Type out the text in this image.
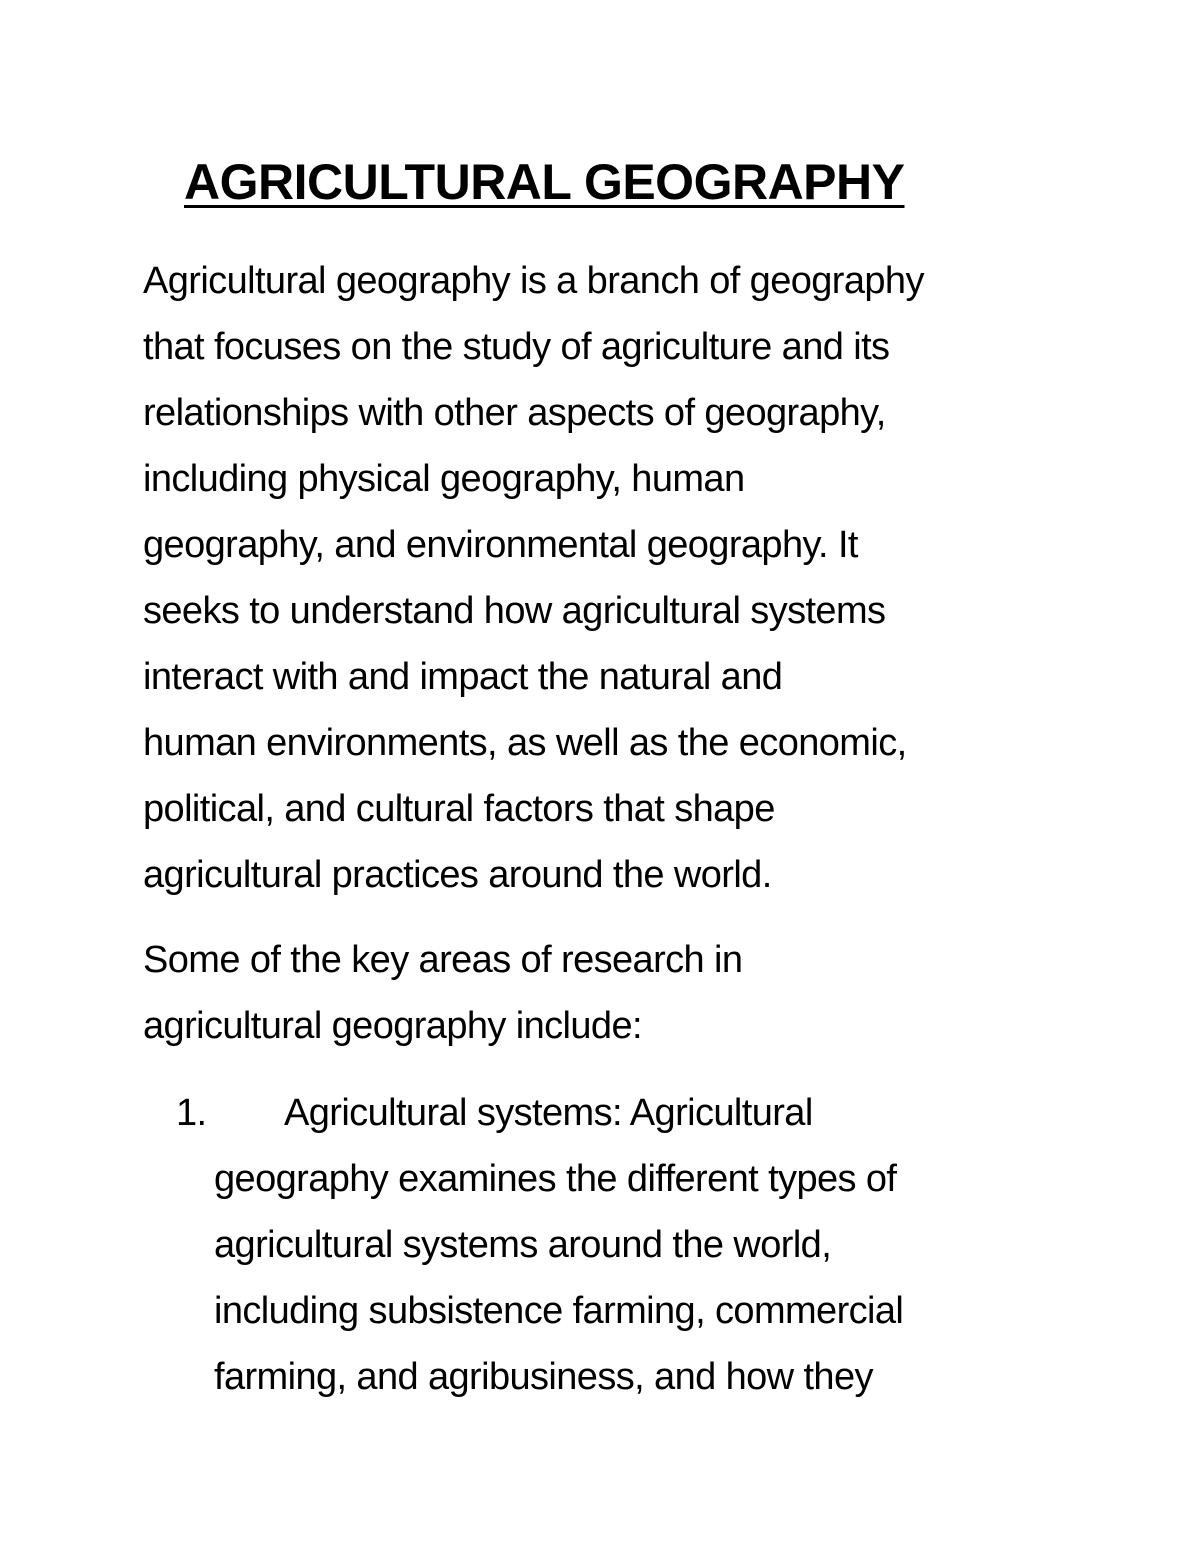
AGRICULTURAL GEOGRAPHY
Agricultural geography is a branch of geography
that focuses on the study of agriculture and its
relationships with other aspects of geography,
including physical geography, human
geography, and environmental geography. It
seeks to understand how agricultural systems
interact with and impact the natural and
human environments, as well as the economic,
political, and cultural factors that shape
agricultural practices around the world.
Some of the key areas of research in
agricultural geography include:
1.	Agricultural systems: Agricultural
geography examines the different types of
agricultural systems around the world,
including subsistence farming, commercial
farming, and agribusiness, and how they
